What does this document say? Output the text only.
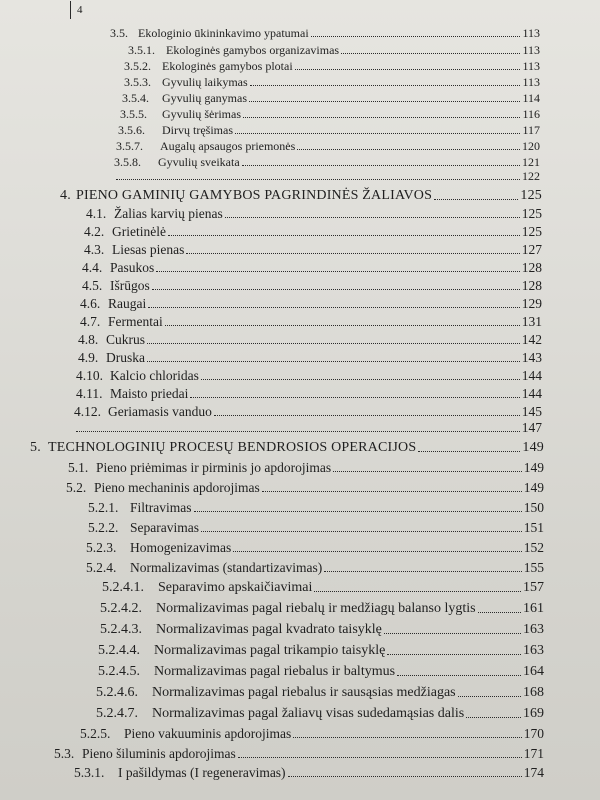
4
3.5. Ekologinio ūkininkavimo ypatumai	113
3.5.1. Ekologinės gamybos organizavimas	113
3.5.2. Ekologinės gamybos plotai	113
3.5.3. Gyvulių laikymas	113
3.5.4.	Gyvulių ganymas	114
3.5.5.	Gyvulių šėrimas	116
3.5.6.	Dirvų tręšimas	117
3.5.7.	Augalų apsaugos priemonės	120
3.5.8.	Gyvulių sveikata	121
122
4. PIENO GAMINIŲ GAMYBOS PAGRINDINĖS ŽALIAVOS	125
4.1. Žalias karvių pienas	125
4.2. Grietinėlė	125
4.3. Liesas pienas	127
4.4. Pasukos	128
4.5. Išrūgos	128
4.6. Raugai	129
4.7. Fermentai	131
4.8. Cukrus	142
4.9. Druska	143
4.10. Kalcio chloridas	144
4.11. Maisto priedai	144
4.12. Geriamasis vanduo	145
147
5. TECHNOLOGINIŲ PROCESŲ BENDROSIOS OPERACIJOS	149
5.1. Pieno priėmimas ir pirminis jo apdorojimas	149
5.2. Pieno mechaninis apdorojimas	149
5.2.1. Filtravimas	150
5.2.2. Separavimas	151
5.2.3.	Homogenizavimas	152
5.2.4.	Normalizavimas (standartizavimas)	155
5.2.4.1.	Separavimo apskaičiavimai	157
5.2.4.2.	Normalizavimas pagal riebalų ir medžiagų balanso lygtis	161
5.2.4.3.	Normalizavimas pagal kvadrato taisyklę	163
5.2.4.4.	Normalizavimas pagal trikampio taisyklę	163
5.2.4.5.	Normalizavimas pagal riebalus ir baltymus	164
5.2.4.6.	Normalizavimas pagal riebalus ir sausąsias medžiagas	168
5.2.4.7.	Normalizavimas pagal žaliavų visas sudedamąsias dalis	169
5.2.5.	Pieno vakuuminis apdorojimas	170
5.3. Pieno šiluminis apdorojimas	171
5.3.1.	I pašildymas (I regeneravimas)	174
